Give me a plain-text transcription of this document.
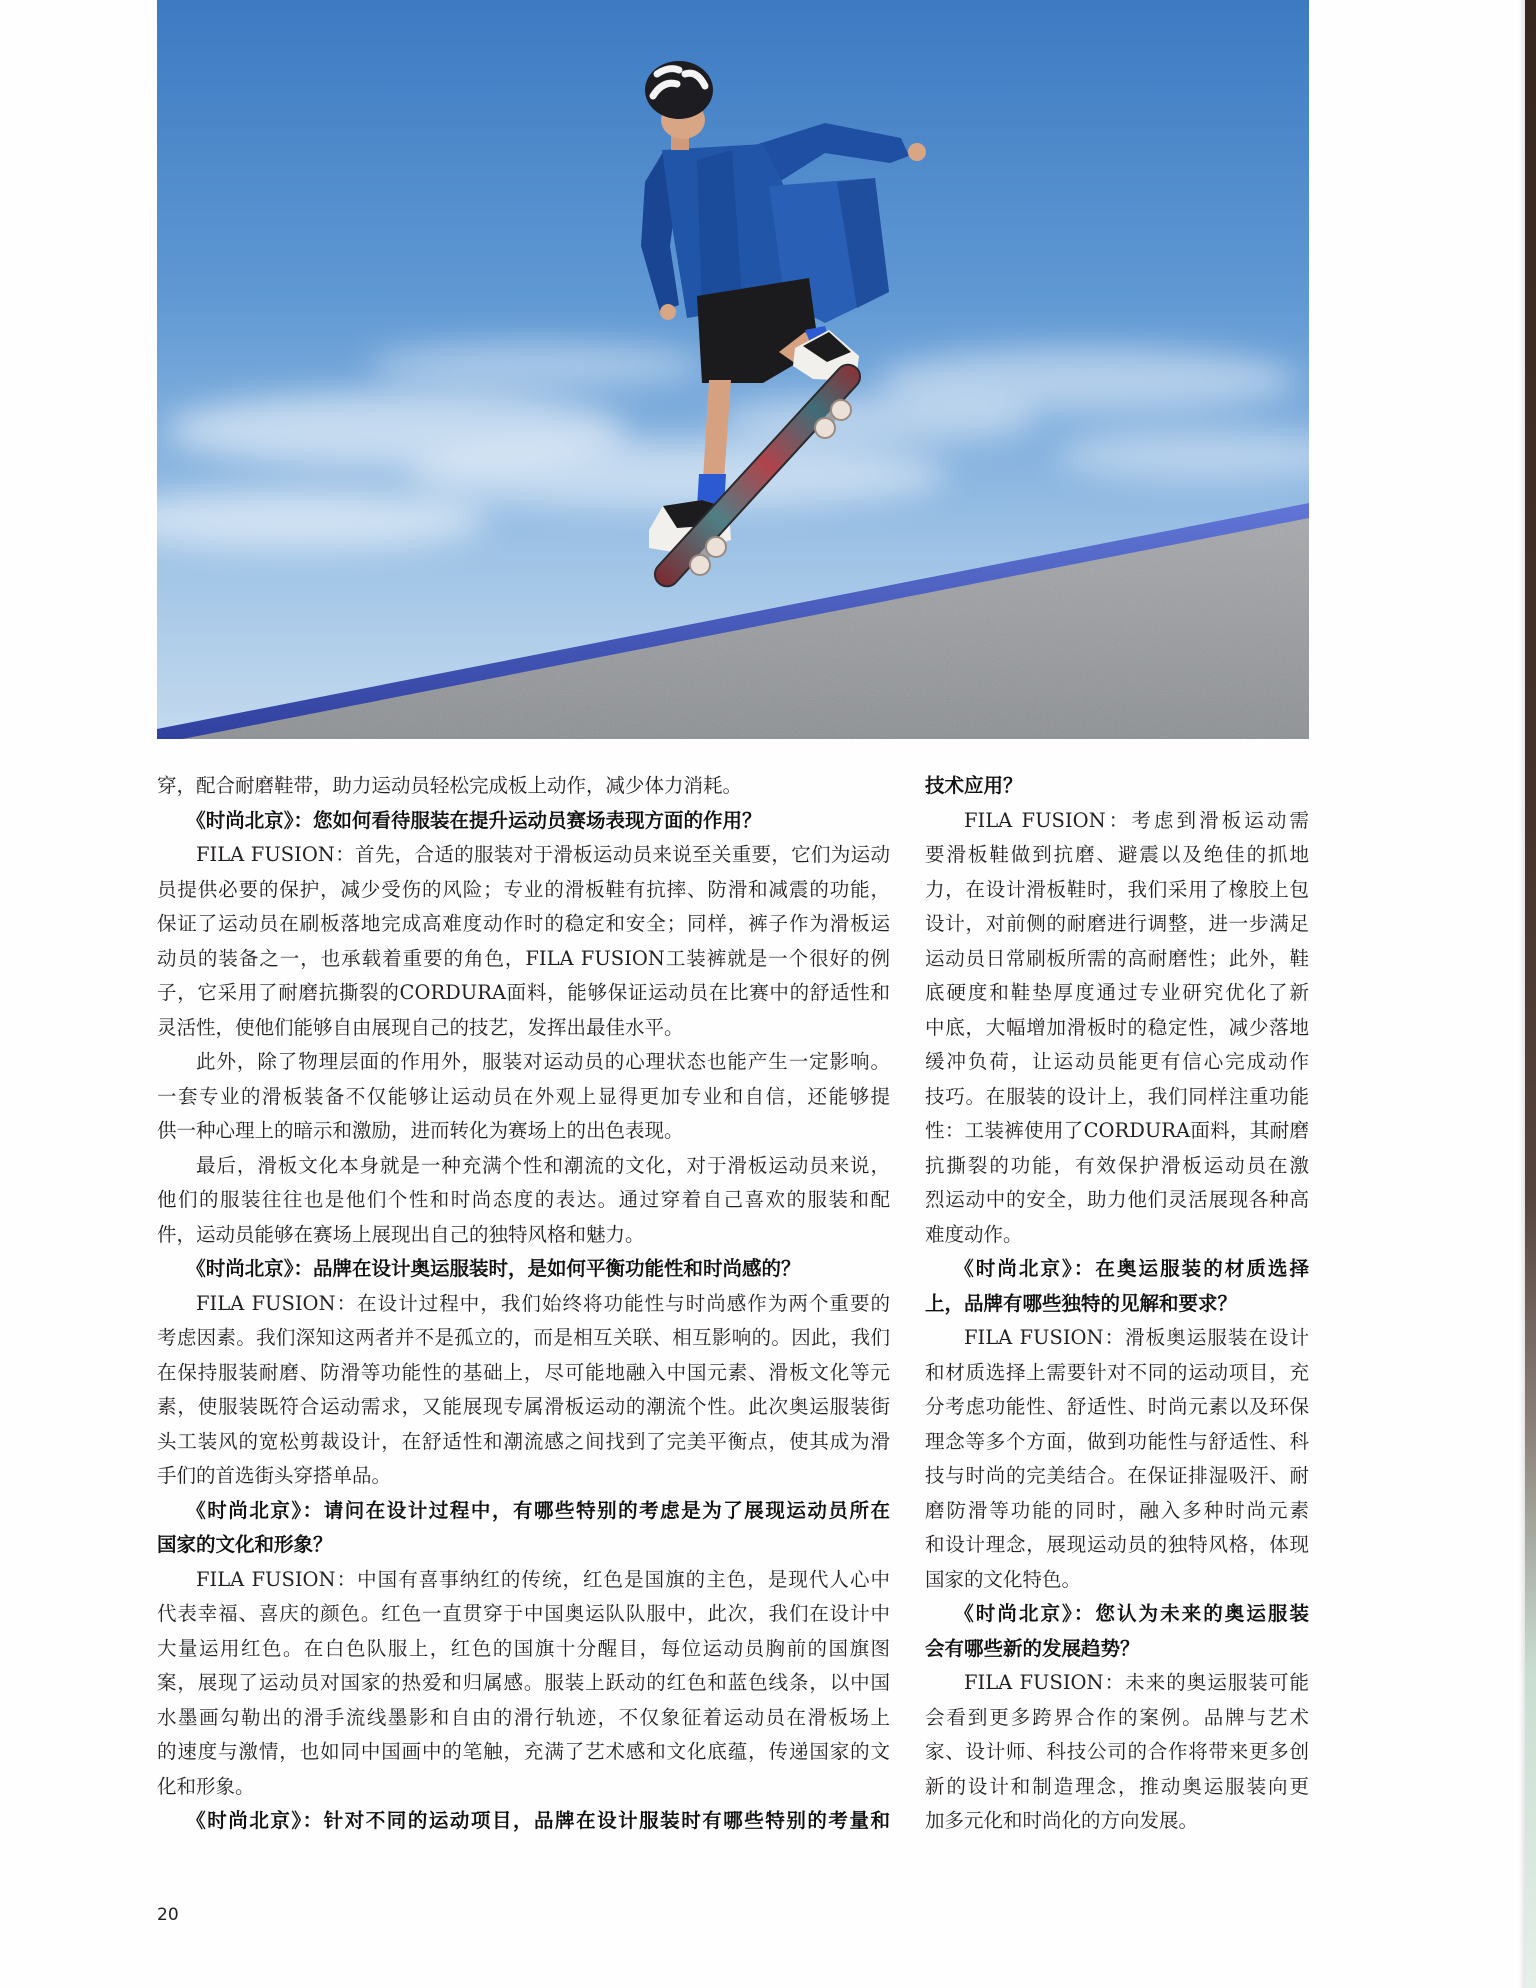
穿，配合耐磨鞋带，助力运动员轻松完成板上动作，减少体力消耗。
《时尚北京》：您如何看待服装在提升运动员赛场表现方面的作用？
FILA FUSION：首先，合适的服装对于滑板运动员来说至关重要，它们为运动
员提供必要的保护，减少受伤的风险；专业的滑板鞋有抗摔、防滑和减震的功能，
保证了运动员在刷板落地完成高难度动作时的稳定和安全；同样，裤子作为滑板运
动员的装备之一，也承载着重要的角色，FILA FUSION工装裤就是一个很好的例
子，它采用了耐磨抗撕裂的CORDURA面料，能够保证运动员在比赛中的舒适性和
灵活性，使他们能够自由展现自己的技艺，发挥出最佳水平。
此外，除了物理层面的作用外，服装对运动员的心理状态也能产生一定影响。
一套专业的滑板装备不仅能够让运动员在外观上显得更加专业和自信，还能够提
供一种心理上的暗示和激励，进而转化为赛场上的出色表现。
最后，滑板文化本身就是一种充满个性和潮流的文化，对于滑板运动员来说，
他们的服装往往也是他们个性和时尚态度的表达。通过穿着自己喜欢的服装和配
件，运动员能够在赛场上展现出自己的独特风格和魅力。
《时尚北京》：品牌在设计奥运服装时，是如何平衡功能性和时尚感的？
FILA FUSION：在设计过程中，我们始终将功能性与时尚感作为两个重要的
考虑因素。我们深知这两者并不是孤立的，而是相互关联、相互影响的。因此，我们
在保持服装耐磨、防滑等功能性的基础上，尽可能地融入中国元素、滑板文化等元
素，使服装既符合运动需求，又能展现专属滑板运动的潮流个性。此次奥运服装街
头工装风的宽松剪裁设计，在舒适性和潮流感之间找到了完美平衡点，使其成为滑
手们的首选街头穿搭单品。
《时尚北京》：请问在设计过程中，有哪些特别的考虑是为了展现运动员所在
国家的文化和形象？
FILA FUSION：中国有喜事纳红的传统，红色是国旗的主色，是现代人心中
代表幸福、喜庆的颜色。红色一直贯穿于中国奥运队队服中，此次，我们在设计中
大量运用红色。在白色队服上，红色的国旗十分醒目，每位运动员胸前的国旗图
案，展现了运动员对国家的热爱和归属感。服装上跃动的红色和蓝色线条，以中国
水墨画勾勒出的滑手流线墨影和自由的滑行轨迹，不仅象征着运动员在滑板场上
的速度与激情，也如同中国画中的笔触，充满了艺术感和文化底蕴，传递国家的文
化和形象。
《时尚北京》：针对不同的运动项目，品牌在设计服装时有哪些特别的考量和
技术应用？
FILA FUSION：考虑到滑板运动需
要滑板鞋做到抗磨、避震以及绝佳的抓地
力，在设计滑板鞋时，我们采用了橡胶上包
设计，对前侧的耐磨进行调整，进一步满足
运动员日常刷板所需的高耐磨性；此外，鞋
底硬度和鞋垫厚度通过专业研究优化了新
中底，大幅增加滑板时的稳定性，减少落地
缓冲负荷，让运动员能更有信心完成动作
技巧。在服装的设计上，我们同样注重功能
性：工装裤使用了CORDURA面料，其耐磨
抗撕裂的功能，有效保护滑板运动员在激
烈运动中的安全，助力他们灵活展现各种高
难度动作。
《时尚北京》：在奥运服装的材质选择
上，品牌有哪些独特的见解和要求？
FILA FUSION：滑板奥运服装在设计
和材质选择上需要针对不同的运动项目，充
分考虑功能性、舒适性、时尚元素以及环保
理念等多个方面，做到功能性与舒适性、科
技与时尚的完美结合。在保证排湿吸汗、耐
磨防滑等功能的同时，融入多种时尚元素
和设计理念，展现运动员的独特风格，体现
国家的文化特色。
《时尚北京》：您认为未来的奥运服装
会有哪些新的发展趋势？
FILA FUSION：未来的奥运服装可能
会看到更多跨界合作的案例。品牌与艺术
家、设计师、科技公司的合作将带来更多创
新的设计和制造理念，推动奥运服装向更
加多元化和时尚化的方向发展。
20
